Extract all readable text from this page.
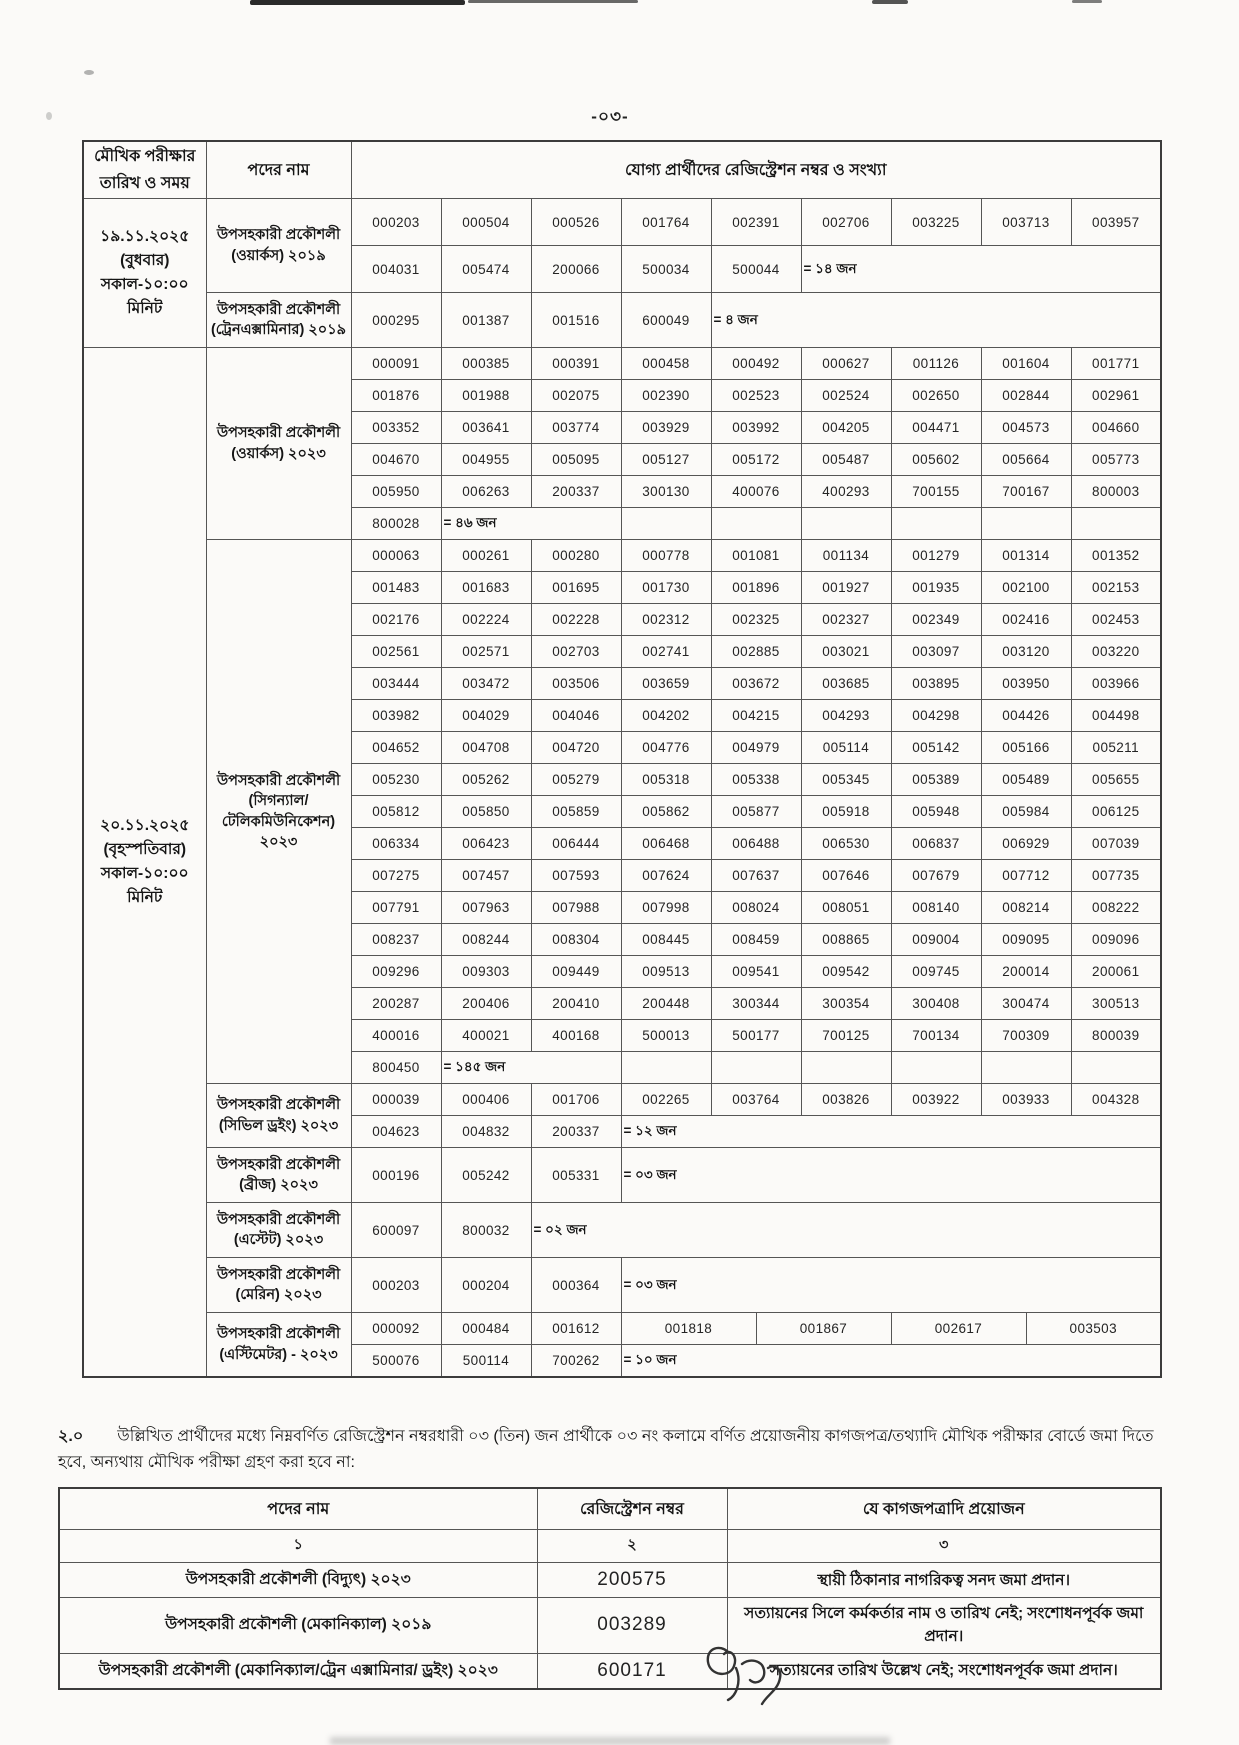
-০৩-
মৌখিক পরীক্ষার তারিখ ও সময়	পদের নাম	যোগ্য প্রার্থীদের রেজিস্ট্রেশন নম্বর ও সংখ্যা										
১৯.১১.২০২৫
(বুধবার)
সকাল-১০:০০
মিনিট	উপসহকারী প্রকৌশলী (ওয়ার্কস) ২০১৯	000203	000504	000526	001764	002391		002706	003225	003713		003957
		004031	005474	200066	500034	500044		= ১৪ জন				
	উপসহকারী প্রকৌশলী (ট্রেনএক্সামিনার) ২০১৯	000295	001387	001516	600049	= ৪ জন						
২০.১১.২০২৫
(বৃহস্পতিবার)
সকাল-১০:০০
মিনিট	উপসহকারী প্রকৌশলী (ওয়ার্কস) ২০২৩	000091	000385	000391	000458	000492		000627	001126	001604		001771
		001876	001988	002075	002390	002523		002524	002650	002844		002961
		003352	003641	003774	003929	003992		004205	004471	004573		004660
		004670	004955	005095	005127	005172		005487	005602	005664		005773
		005950	006263	200337	300130	400076		400293	700155	700167		800003
		800028	= ৪৬ জন									
	উপসহকারী প্রকৌশলী (সিগন্যাল/ টেলিকমিউনিকেশন) ২০২৩	000063	000261	000280	000778	001081		001134	001279	001314		001352
		001483	001683	001695	001730	001896		001927	001935	002100		002153
		002176	002224	002228	002312	002325		002327	002349	002416		002453
		002561	002571	002703	002741	002885		003021	003097	003120		003220
		003444	003472	003506	003659	003672		003685	003895	003950		003966
		003982	004029	004046	004202	004215		004293	004298	004426		004498
		004652	004708	004720	004776	004979		005114	005142	005166		005211
		005230	005262	005279	005318	005338		005345	005389	005489		005655
		005812	005850	005859	005862	005877		005918	005948	005984		006125
		006334	006423	006444	006468	006488		006530	006837	006929		007039
		007275	007457	007593	007624	007637		007646	007679	007712		007735
		007791	007963	007988	007998	008024		008051	008140	008214		008222
		008237	008244	008304	008445	008459		008865	009004	009095		009096
		009296	009303	009449	009513	009541		009542	009745	200014		200061
		200287	200406	200410	200448	300344		300354	300408	300474		300513
		400016	400021	400168	500013	500177		700125	700134	700309		800039
		800450	= ১৪৫ জন									
	উপসহকারী প্রকৌশলী (সিভিল ড্রইং) ২০২৩	000039	000406	001706	002265	003764		003826	003922	003933		004328
		004623	004832	200337	= ১২ জন							
	উপসহকারী প্রকৌশলী (ব্রীজ) ২০২৩	000196	005242	005331	= ০৩ জন							
	উপসহকারী প্রকৌশলী (এস্টেট) ২০২৩	600097	800032	= ০২ জন								
	উপসহকারী প্রকৌশলী (মেরিন) ২০২৩	000203	000204	000364	= ০৩ জন							
	উপসহকারী প্রকৌশলী (এস্টিমেটর) - ২০২৩	000092	000484	001612	001818		001867		002617		003503	
		500076	500114	700262	= ১০ জন							
২.০ উল্লিখিত প্রার্থীদের মধ্যে নিম্নবর্ণিত রেজিস্ট্রেশন নম্বরধারী ০৩ (তিন) জন প্রার্থীকে ০৩ নং কলামে বর্ণিত প্রয়োজনীয় কাগজপত্র/তথ্যাদি মৌখিক পরীক্ষার বোর্ডে জমা দিতে হবে, অন্যথায় মৌখিক পরীক্ষা গ্রহণ করা হবে না:
পদের নাম	রেজিস্ট্রেশন নম্বর	যে কাগজপত্রাদি প্রয়োজন
১	২	৩
উপসহকারী প্রকৌশলী (বিদ্যুৎ) ২০২৩	200575	স্থায়ী ঠিকানার নাগরিকত্ব সনদ জমা প্রদান।
উপসহকারী প্রকৌশলী (মেকানিক্যাল) ২০১৯	003289	সত্যায়নের সিলে কর্মকর্তার নাম ও তারিখ নেই; সংশোধনপূর্বক জমা প্রদান।
উপসহকারী প্রকৌশলী (মেকানিক্যাল/ট্রেন এক্সামিনার/ ড্রইং) ২০২৩	600171	সত্যায়নের তারিখ উল্লেখ নেই; সংশোধনপূর্বক জমা প্রদান।
